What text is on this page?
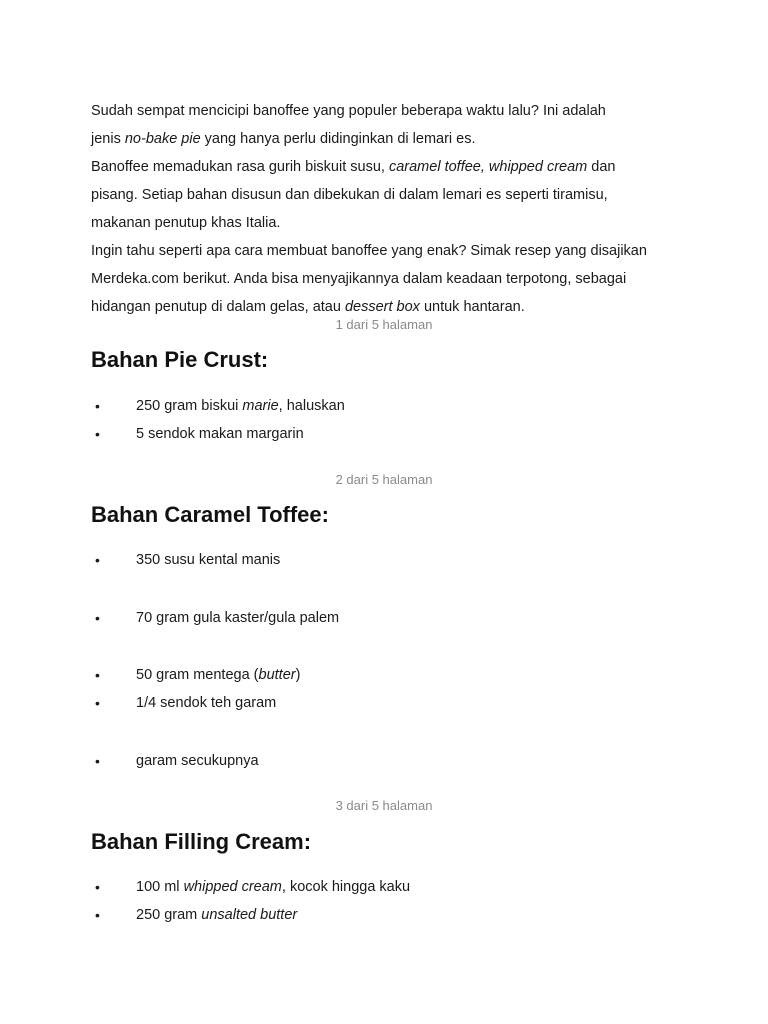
Sudah sempat mencicipi banoffee yang populer beberapa waktu lalu? Ini adalah

jenis no-bake pie yang hanya perlu didinginkan di lemari es.

Banoffee memadukan rasa gurih biskuit susu, caramel toffee, whipped cream dan

pisang. Setiap bahan disusun dan dibekukan di dalam lemari es seperti tiramisu,

makanan penutup khas Italia.

Ingin tahu seperti apa cara membuat banoffee yang enak? Simak resep yang disajikan

Merdeka.com berikut. Anda bisa menyajikannya dalam keadaan terpotong, sebagai

hidangan penutup di dalam gelas, atau dessert box untuk hantaran.

1 dari 5 halaman
Bahan Pie Crust:
• 250 gram biskui marie, haluskan
• 5 sendok makan margarin
2 dari 5 halaman
Bahan Caramel Toffee:
• 350 susu kental manis
• 70 gram gula kaster/gula palem
• 50 gram mentega (butter)
• 1/4 sendok teh garam
• garam secukupnya
3 dari 5 halaman
Bahan Filling Cream:
• 100 ml whipped cream, kocok hingga kaku
• 250 gram unsalted butter
